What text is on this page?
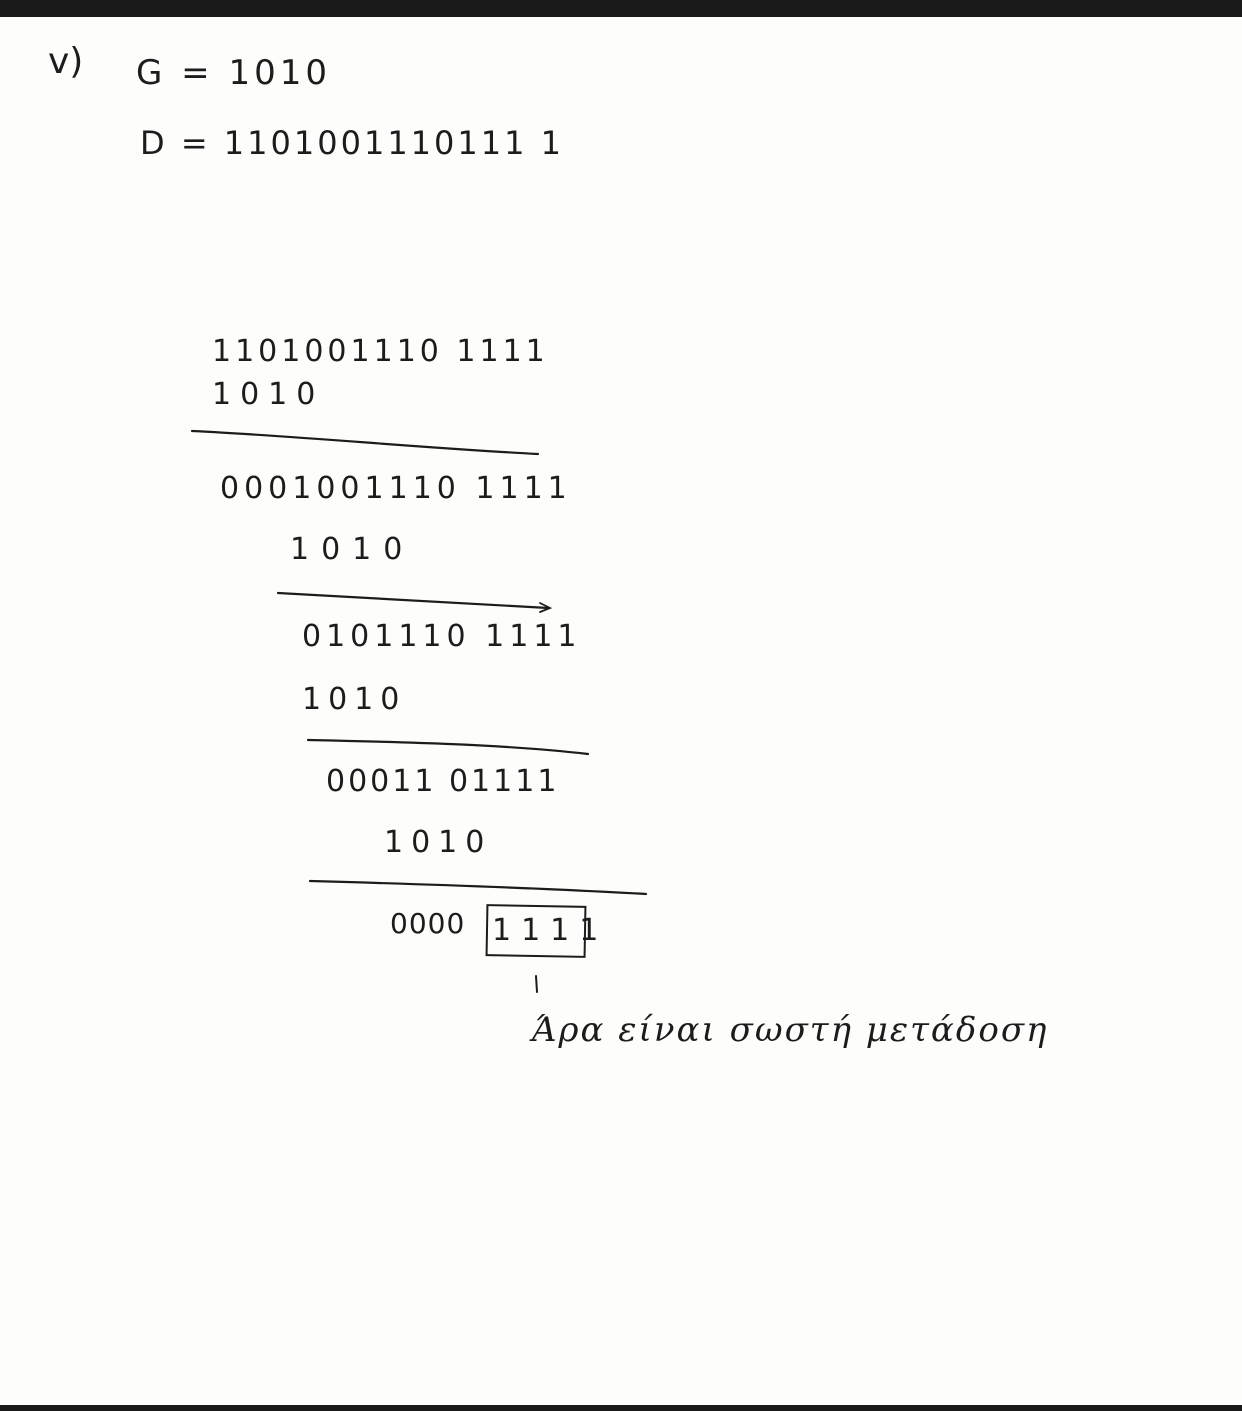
v) G = 1010
D = 1101001110111 1
1101001110 1111
1010
0001001110 1111
1010
0101110 1111
1010
00011 01111
1010
0000 1111
Άρα είναι σωστή μετάδοση
